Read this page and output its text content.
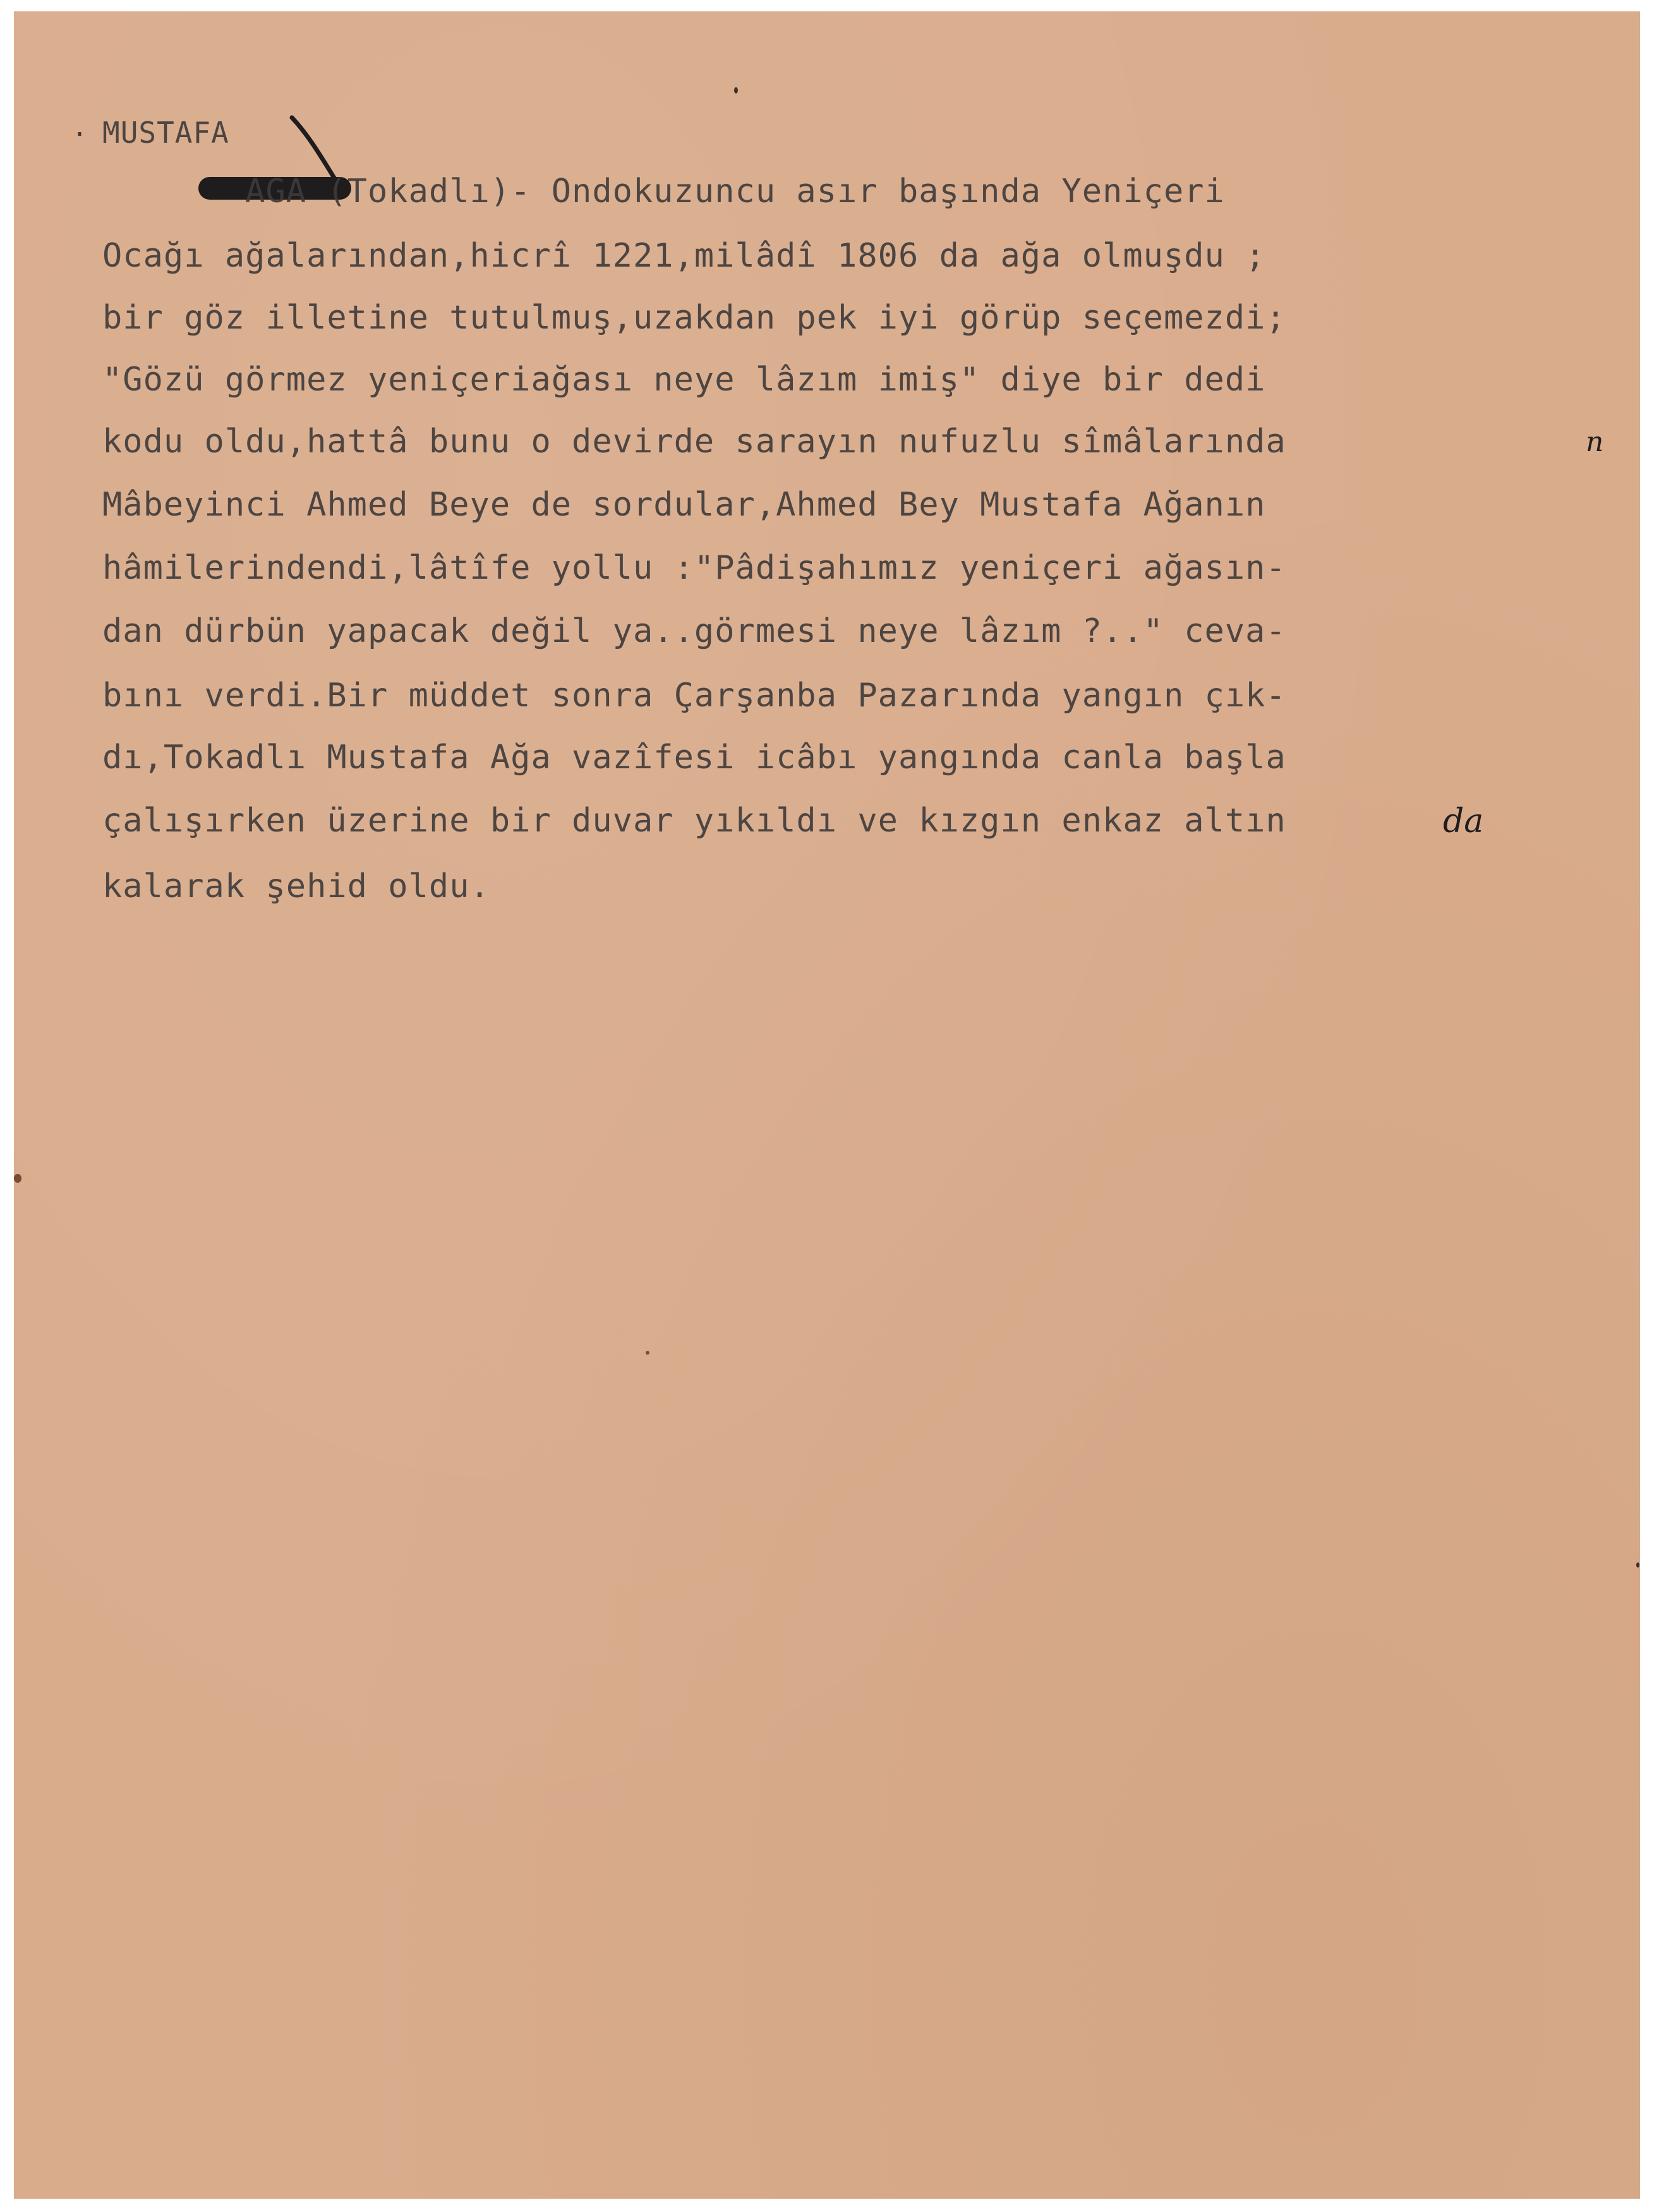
· MUSTAFA
AGA (Tokadlı)- Ondokuzuncu asır başında Yeniçeri
Ocağı ağalarından,hicrî 1221,milâdî 1806 da ağa olmuşdu ;
bir göz illetine tutulmuş,uzakdan pek iyi görüp seçemezdi;
"Gözü görmez yeniçeriağası neye lâzım imiş" diye bir dedi
kodu oldu,hattâ bunu o devirde sarayın nufuzlu sîmâlarında
Mâbeyinci Ahmed Beye de sordular,Ahmed Bey Mustafa Ağanın
hâmilerindendi,lâtîfe yollu :"Pâdişahımız yeniçeri ağasın-
dan dürbün yapacak değil ya..görmesi neye lâzım ?.." ceva-
bını verdi.Bir müddet sonra Çarşanba Pazarında yangın çık-
dı,Tokadlı Mustafa Ağa vazîfesi icâbı yangında canla başla
çalışırken üzerine bir duvar yıkıldı ve kızgın enkaz altın
kalarak şehid oldu.
n
da
